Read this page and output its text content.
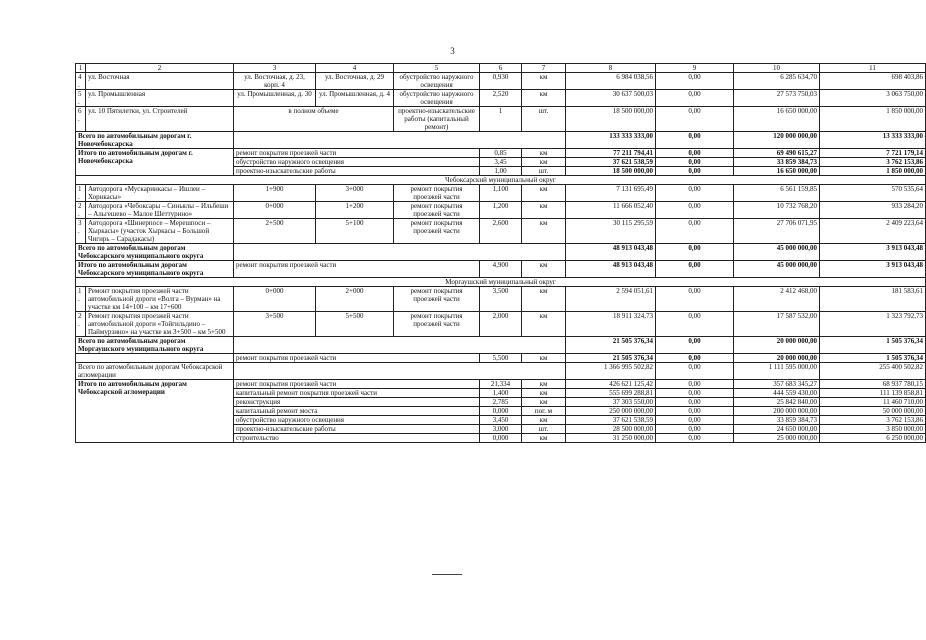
3
1	2	3	4	5	6	7	8	9	10	11
4.	ул. Восточная	ул. Восточная, д. 23, корп. 4	ул. Восточная, д. 29	обустройство наружного освещения	0,930	км	6 984 038,56	0,00	6 285 634,70	698 403,86
5.	ул. Промышленная	ул. Промышленная, д. 30	ул. Промышленная, д. 4	обустройство наружного освещения	2,520	км	30 637 500,03	0,00	27 573 750,03	3 063 750,00
6.	ул. 10 Пятилетки, ул. Строителей	в полном объеме		проектно-изыскательские работы (капитальный ремонт)	1	шт.	18 500 000,00	0,00	16 650 000,00	1 850 000,00
Всего по автомобильным дорогам г. Новочебоксарска							133 333 333,00	0,00	120 000 000,00	13 333 333,00
Итого по автомобильным дорогам г. Новочебоксарска		ремонт покрытия проезжей части			0,85	км	77 211 794,41	0,00	69 490 615,27	7 721 179,14
		обустройство наружного освещения			3,45	км	37 621 538,59	0,00	33 859 384,73	3 762 153,86
		проектно-изыскательские работы			1,00	шт.	18 500 000,00	0,00	16 650 000,00	1 850 000,00
Чебоксарский муниципальный округ										
1.	Автодорога «Мускаринкасы – Ишлеи – Хорнкасы»	1+900	3+000	ремонт покрытия проезжей части	1,100	км	7 131 695,49	0,00	6 561 159,85	570 535,64
2.	Автодорога «Чебоксары – Синьялы – Ильбеши – Альгешево – Малое Шеттурино»	0+000	1+200	ремонт покрытия проезжей части	1,200	км	11 666 052,40	0,00	10 732 768,20	933 284,20
3.	Автодорога «Шинерпосе – Мерешпоси – Хыркасы» (участок Хыркасы – Большой Чигирь – Сарадакасы)	2+500	5+100	ремонт покрытия проезжей части	2,600	км	30 115 295,59	0,00	27 706 071,95	2 409 223,64
Всего по автомобильным дорогам Чебоксарского муниципального округа							48 913 043,48	0,00	45 000 000,00	3 913 043,48
Итого по автомобильным дорогам Чебоксарского муниципального округа		ремонт покрытия проезжей части			4,900	км	48 913 043,48	0,00	45 000 000,00	3 913 043,48
Моргаушский муниципальный округ										
1.	Ремонт покрытия проезжей части автомобильной дороги «Волга – Вурман» на участке км 14+100 – км 17+600	0+000	2+000	ремонт покрытия проезжей части	3,500	км	2 594 051,61	0,00	2 412 468,00	181 583,61
2.	Ремонт покрытия проезжей части автомобильной дороги «Тойгильдино – Паймурзино» на участке км 3+500 – км 5+500	3+500	5+500	ремонт покрытия проезжей части	2,000	км	18 911 324,73	0,00	17 587 532,00	1 323 792,73
Всего по автомобильным дорогам Моргаушского муниципального округа							21 505 376,34	0,00	20 000 000,00	1 505 376,34
		ремонт покрытия проезжей части			5,500	км	21 505 376,34	0,00	20 000 000,00	1 505 376,34
Всего по автомобильным дорогам Чебоксарской агломерации							1 366 995 502,82	0,00	1 111 595 000,00	255 400 502,82
Итого по автомобильным дорогам Чебоксарской агломерации		ремонт покрытия проезжей части			21,334	км	426 621 125,42	0,00	357 683 345,27	68 937 780,15
		капитальный ремонт покрытия проезжей части			1,400	км	555 699 288,81	0,00	444 559 430,00	111 139 858,81
		реконструкция			2,785	км	37 303 550,00	0,00	25 842 840,00	11 460 710,00
		капитальный ремонт моста			0,000	пог. м	250 000 000,00	0,00	200 000 000,00	50 000 000,00
		обустройство наружного освещения			3,450	км	37 621 538,59	0,00	33 859 384,73	3 762 153,86
		проектно-изыскательские работы			3,000	шт.	28 500 000,00	0,00	24 650 000,00	3 850 000,00
		строительство			0,000	км	31 250 000,00	0,00	25 000 000,00	6 250 000,00
